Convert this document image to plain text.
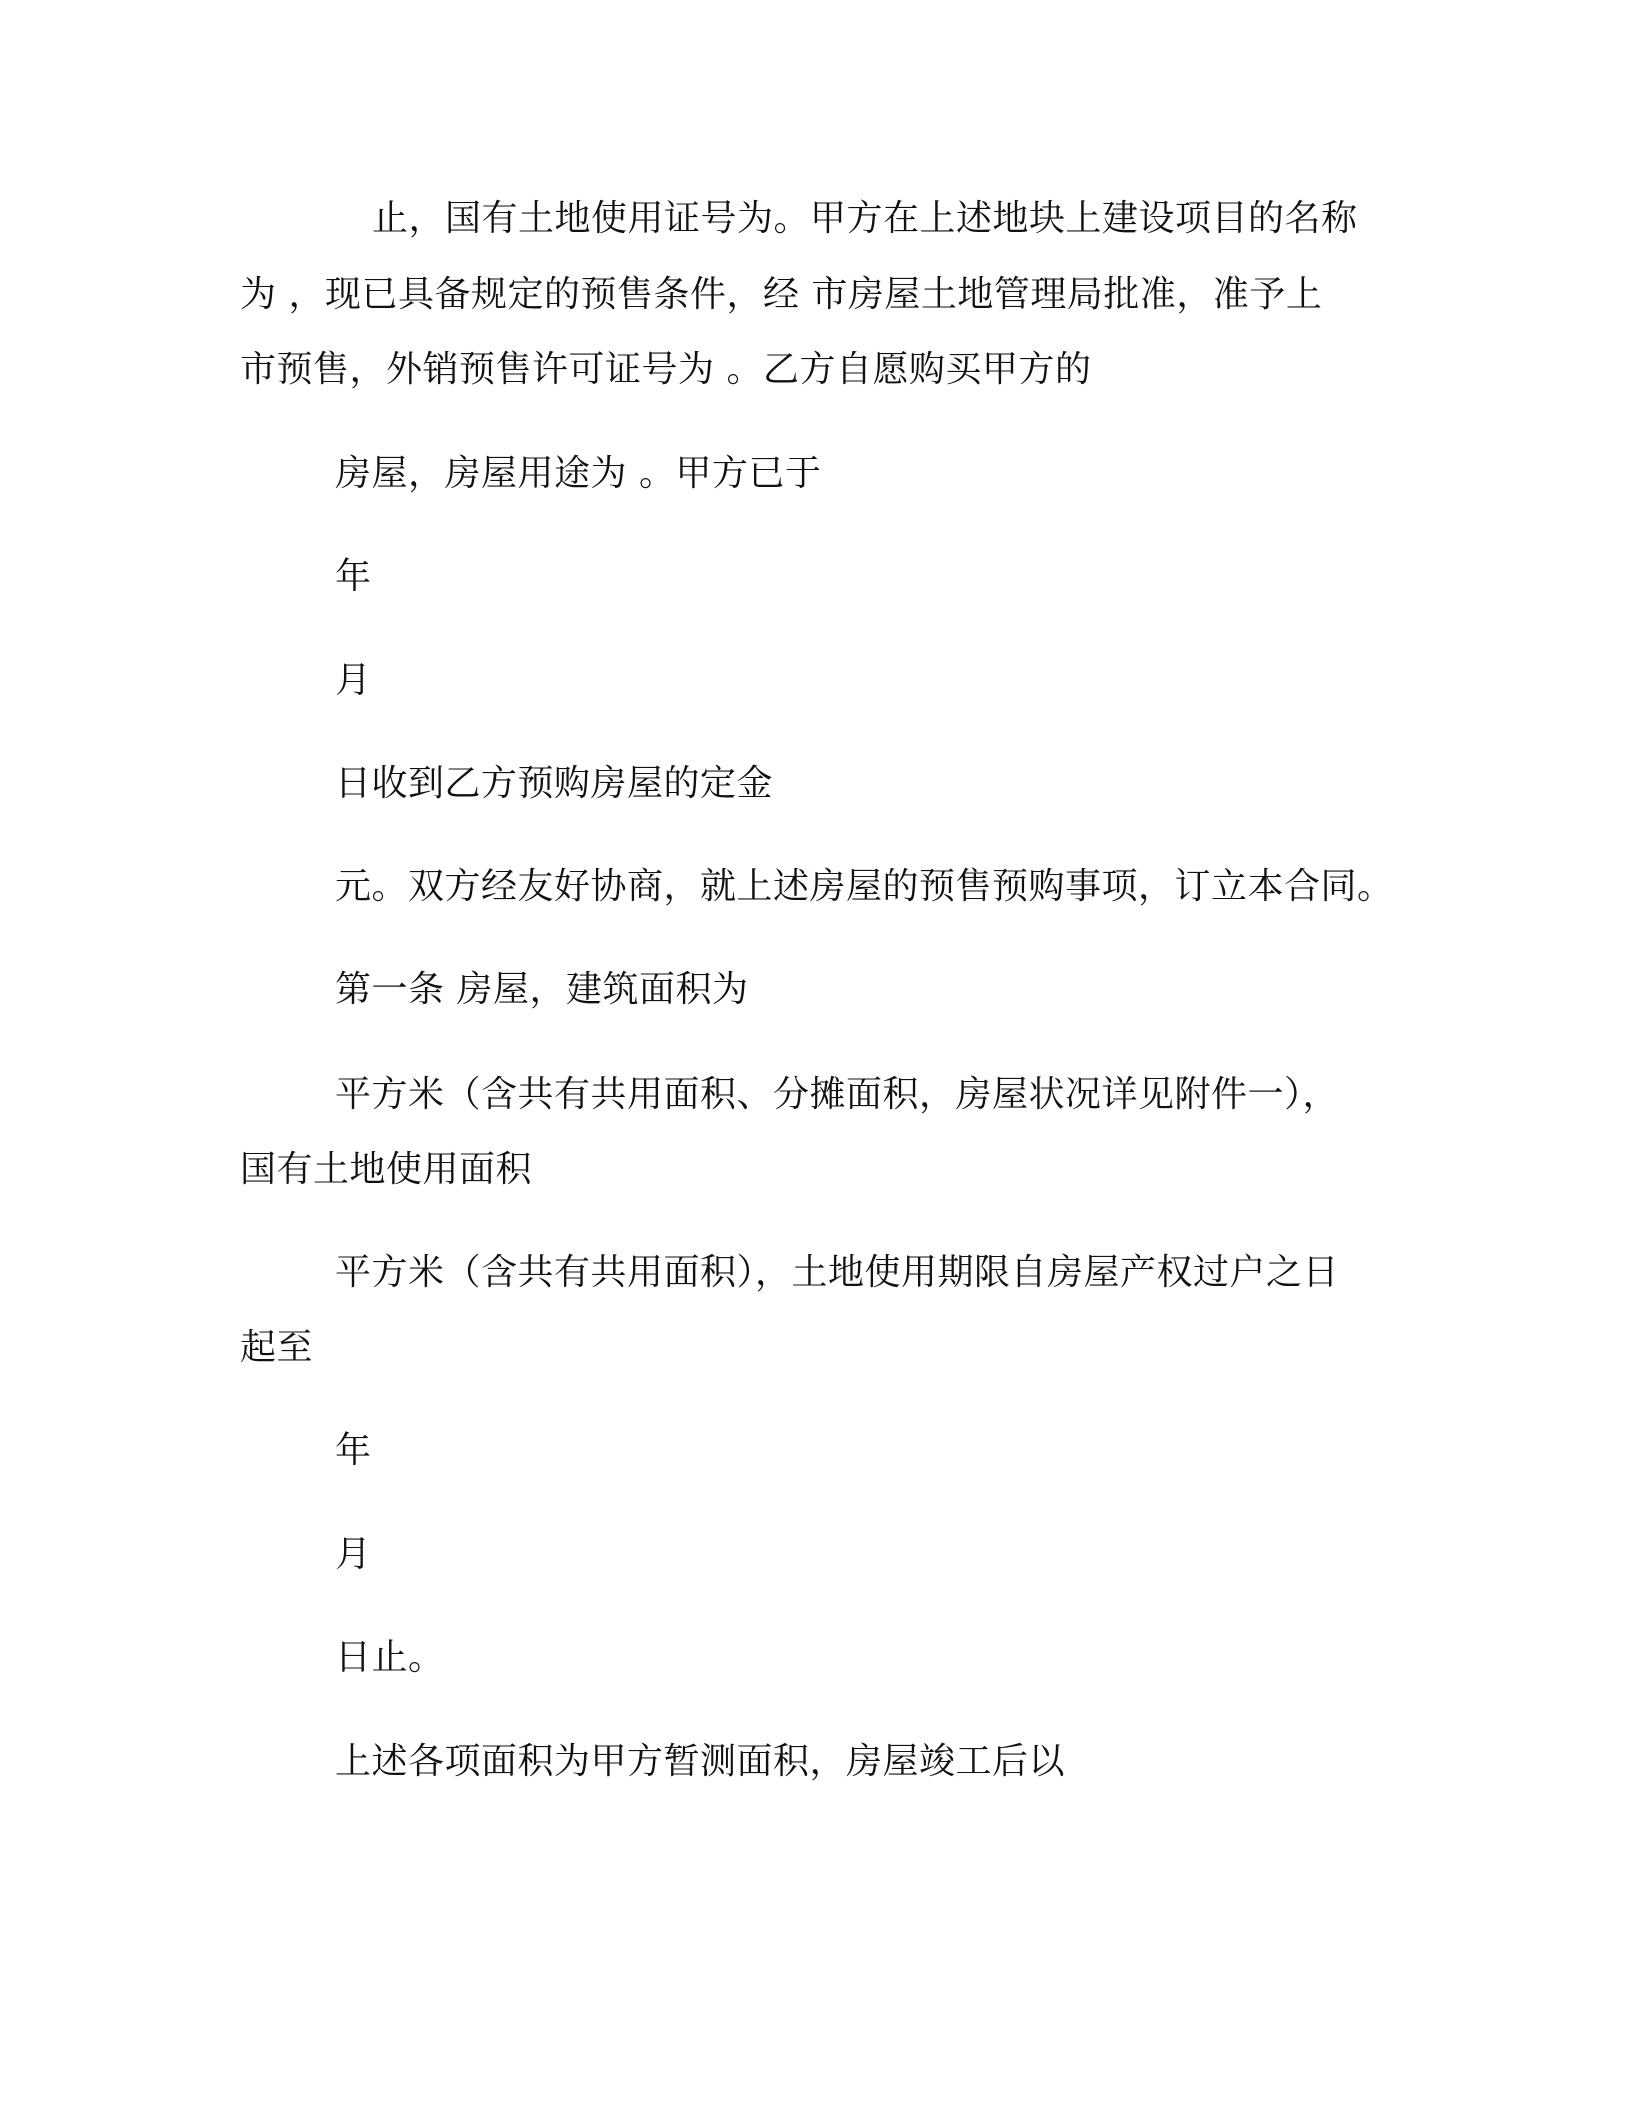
止，国有土地使用证号为。甲方在上述地块上建设项目的名称
为 ，现已具备规定的预售条件，经 市房屋土地管理局批准，准予上
市预售，外销预售许可证号为 。乙方自愿购买甲方的
房屋，房屋用途为 。甲方已于
年
月
日收到乙方预购房屋的定金
元。双方经友好协商，就上述房屋的预售预购事项，订立本合同。
第一条 房屋，建筑面积为
平方米（含共有共用面积、分摊面积，房屋状况详见附件一），
国有土地使用面积
平方米（含共有共用面积），土地使用期限自房屋产权过户之日
起至
年
月
日止。
上述各项面积为甲方暂测面积，房屋竣工后以
